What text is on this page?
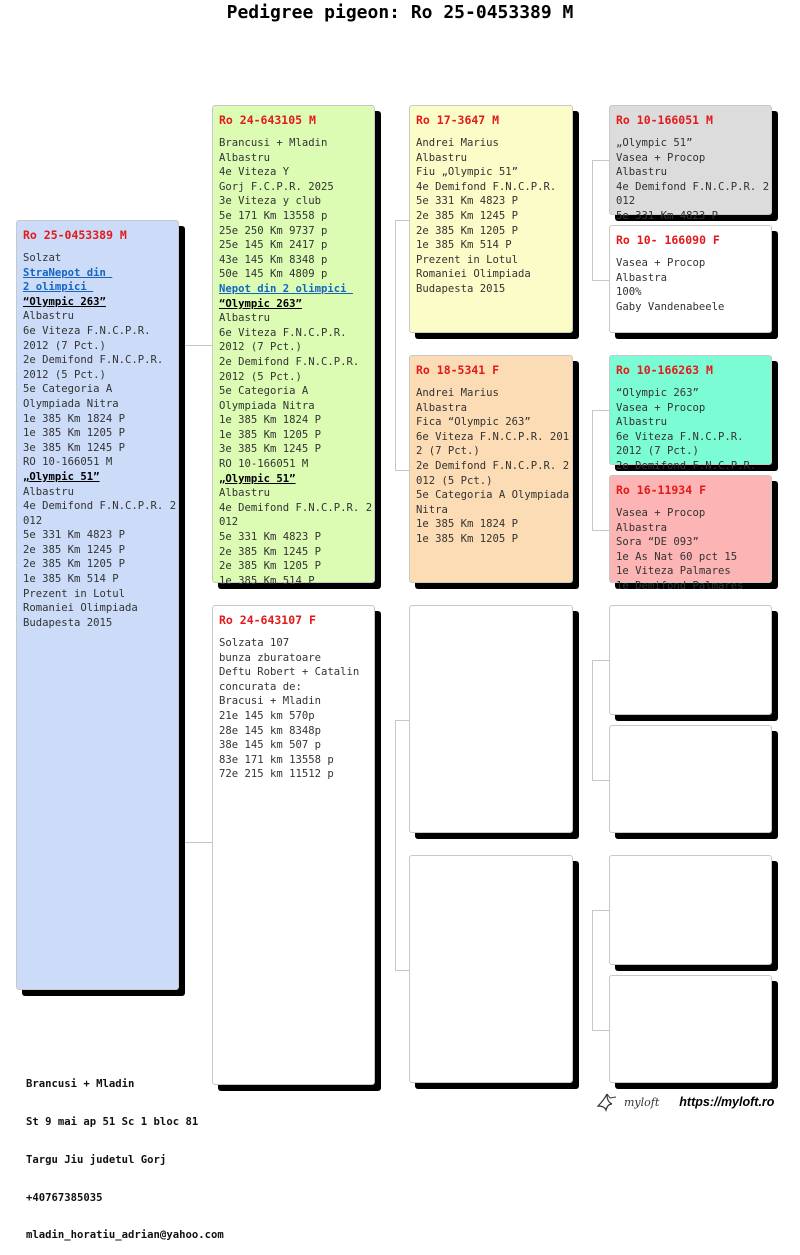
Pedigree pigeon: Ro 25-0453389 M
Ro 25-0453389 M
Solzat
StraNepot din
2 olimpici
“Olympic 263”
Albastru
6e Viteza F.N.C.P.R.
2012 (7 Pct.)
2e Demifond F.N.C.P.R.
2012 (5 Pct.)
5e Categoria A
Olympiada Nitra
1e 385 Km 1824 P
1e 385 Km 1205 P
3e 385 Km 1245 P
RO 10-166051 M
„Olympic 51”
Albastru
4e Demifond F.N.C.P.R. 2
012
5e 331 Km 4823 P
2e 385 Km 1245 P
2e 385 Km 1205 P
1e 385 Km 514 P
Prezent in Lotul
Romaniei Olimpiada
Budapesta 2015
Ro 24-643105 M
Brancusi + Mladin
Albastru
4e Viteza Y
Gorj F.C.P.R. 2025
3e Viteza y club
5e 171 Km 13558 p
25e 250 Km 9737 p
25e 145 Km 2417 p
43e 145 Km 8348 p
50e 145 Km 4809 p
Nepot din 2 olimpici
“Olympic 263”
Albastru
6e Viteza F.N.C.P.R.
2012 (7 Pct.)
2e Demifond F.N.C.P.R.
2012 (5 Pct.)
5e Categoria A
Olympiada Nitra
1e 385 Km 1824 P
1e 385 Km 1205 P
3e 385 Km 1245 P
RO 10-166051 M
„Olympic 51”
Albastru
4e Demifond F.N.C.P.R. 2
012
5e 331 Km 4823 P
2e 385 Km 1245 P
2e 385 Km 1205 P
1e 385 Km 514 P
Ro 24-643107 F
Solzata 107
bunza zburatoare
Deftu Robert + Catalin
concurata de:
Bracusi + Mladin
21e 145 km 570p
28e 145 km 8348p
38e 145 km 507 p
83e 171 km 13558 p
72e 215 km 11512 p
Ro 17-3647 M
Andrei Marius
Albastru
Fiu „Olympic 51”
4e Demifond F.N.C.P.R.
5e 331 Km 4823 P
2e 385 Km 1245 P
2e 385 Km 1205 P
1e 385 Km 514 P
Prezent in Lotul
Romaniei Olimpiada
Budapesta 2015
Ro 18-5341 F
Andrei Marius
Albastra
Fica “Olympic 263”
6e Viteza F.N.C.P.R. 201
2 (7 Pct.)
2e Demifond F.N.C.P.R. 2
012 (5 Pct.)
5e Categoria A Olympiada
Nitra
1e 385 Km 1824 P
1e 385 Km 1205 P
Ro 10-166051 M
„Olympic 51”
Vasea + Procop
Albastru
4e Demifond F.N.C.P.R. 2
012
5e 331 Km 4823 P
Ro 10- 166090 F
Vasea + Procop
Albastra
100%
Gaby Vandenabeele
Ro 10-166263 M
“Olympic 263”
Vasea + Procop
Albastru
6e Viteza F.N.C.P.R.
2012 (7 Pct.)
2e Demifond F.N.C.P.R.
Ro 16-11934 F
Vasea + Procop
Albastra
Sora “DE 093”
1e As Nat 60 pct 15
1e Viteza Palmares
1e Demifond Palmares

Brancusi + Mladin

St 9 mai ap 51 Sc 1 bloc 81

Targu Jiu judetul Gorj

+40767385035

mladin_horatiu_adrian@yahoo.com

myloft https://myloft.ro
